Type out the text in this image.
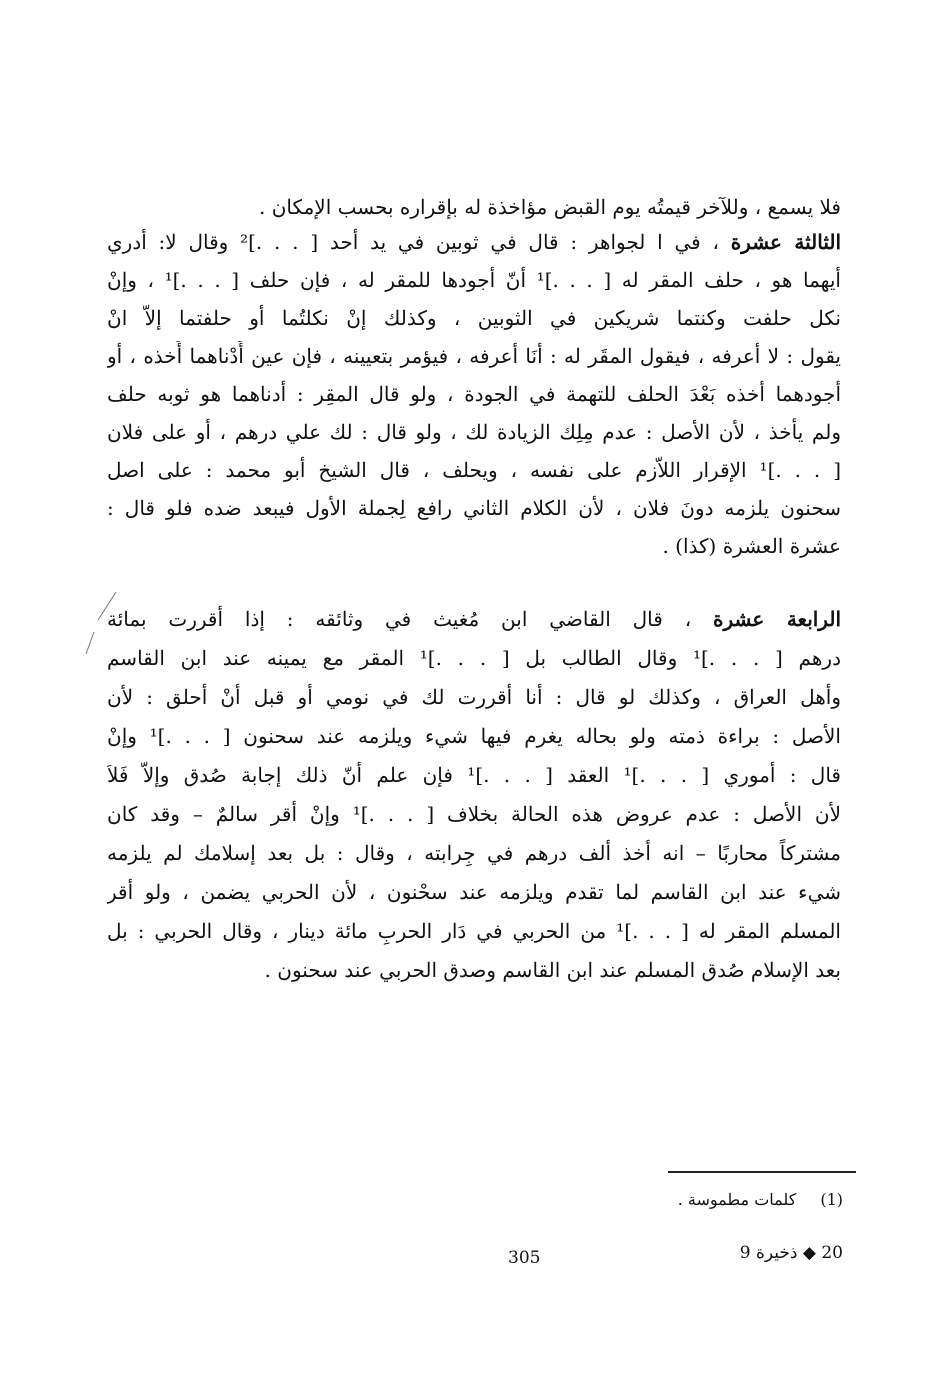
فلا يسمع ، وللآخر قيمتُه يوم القبض مؤاخذة له بإقراره بحسب الإمكان .
الثالثة عشرة ، في ا لجواهر : قال في ثوبين في يد أحد [ . . .]² وقال لا: أدري
أيهما هو ، حلف المقر له [ . . .]¹ أنّ أجودها للمقر له ، فإن حلف [ . . .]¹ ، وإنْ
نكل حلفت وكنتما شريكين في الثوبين ، وكذلك إنْ نكلتُما أو حلفتما إلاّ انْ
يقول : لا أعرفه ، فيقول المقَر له : أنَا أعرفه ، فيؤمر بتعيينه ، فإن عين أَدْناهما أَخذه ، أو
أجودهما أخذه بَعْدَ الحلف للتهمة في الجودة ، ولو قال المقِر : أدناهما هو ثوبه حلف
ولم يأخذ ، لأن الأصل : عدم مِلِك الزيادة لك ، ولو قال : لك علي درهم ، أو على فلان
[ . . .]¹ الإقرار اللاّزم على نفسه ، ويحلف ، قال الشيخ أبو محمد : على اصل
سحنون يلزمه دونَ فلان ، لأن الكلام الثاني رافع لِجملة الأول فيبعد ضده فلو قال :
عشرة العشرة (كذا) .
الرابعة عشرة ، قال القاضي ابن مُغيث في وثائقه : إذا أقررت بمائة
درهم [ . . .]¹ وقال الطالب بل [ . . .]¹ المقر مع يمينه عند ابن القاسم
وأهل العراق ، وكذلك لو قال : أنا أقررت لك في نومي أو قبل أنْ أحلق : لأن
الأصل : براءة ذمته ولو بحاله يغرم فيها شيء ويلزمه عند سحنون [ . . .]¹ وإنْ
قال : أموري [ . . .]¹ العقد [ . . .]¹ فإن علم أنّ ذلك إجابة صُدق وإلاّ فَلاَ
لأن الأصل : عدم عروض هذه الحالة بخلاف [ . . .]¹ وإنْ أقر سالمٌ – وقد كان
مشتركاً محاربًا – انه أخذ ألف درهم في جِرابته ، وقال : بل بعد إسلامك لم يلزمه
شيء عند ابن القاسم لما تقدم ويلزمه عند سحْنون ، لأن الحربي يضمن ، ولو أقر
المسلم المقر له [ . . .]¹ من الحربي في دَار الحربِ مائة دينار ، وقال الحربي : بل
بعد الإسلام صُدق المسلم عند ابن القاسم وصدق الحربي عند سحنون .
(1)كلمات مطموسة .
20 ◆ ذخيرة 9
305
